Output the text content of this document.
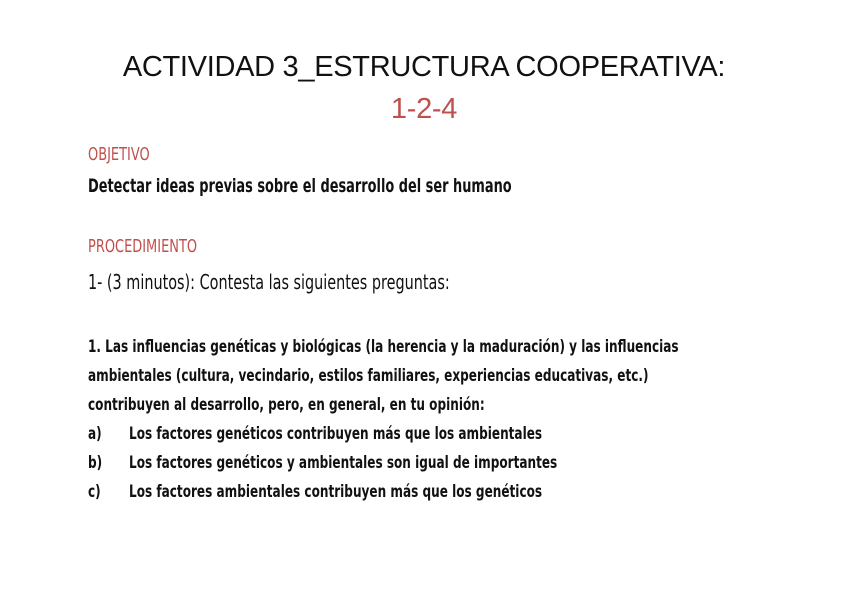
ACTIVIDAD 3_ESTRUCTURA COOPERATIVA:
1-2-4
OBJETIVO
Detectar ideas previas sobre el desarrollo del ser humano
PROCEDIMIENTO
1- (3 minutos): Contesta las siguientes preguntas:
1. Las influencias genéticas y biológicas (la herencia y la maduración) y las influencias
ambientales (cultura, vecindario, estilos familiares, experiencias educativas, etc.)
contribuyen al desarrollo, pero, en general, en tu opinión:
a) Los factores genéticos contribuyen más que los ambientales
b) Los factores genéticos y ambientales son igual de importantes
c) Los factores ambientales contribuyen más que los genéticos
